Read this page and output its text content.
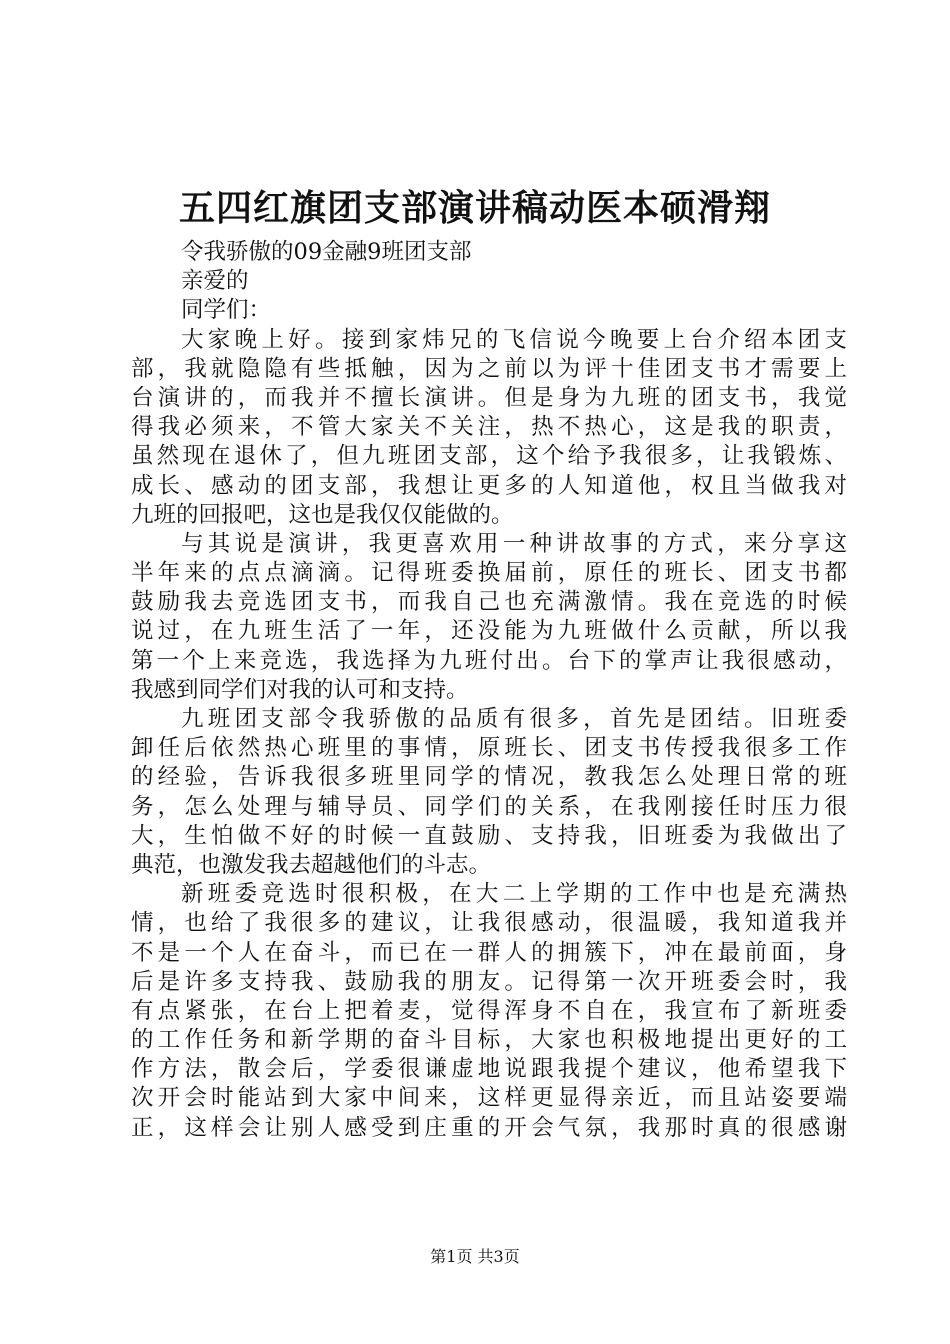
五四红旗团支部演讲稿动医本硕滑翔
令我骄傲的09金融9班团支部
亲爱的
同学们：
大家晚上好。接到家炜兄的飞信说今晚要上台介绍本团支
部，我就隐隐有些抵触，因为之前以为评十佳团支书才需要上
台演讲的，而我并不擅长演讲。但是身为九班的团支书，我觉
得我必须来，不管大家关不关注，热不热心，这是我的职责，
虽然现在退休了，但九班团支部，这个给予我很多，让我锻炼、
成长、感动的团支部，我想让更多的人知道他，权且当做我对
九班的回报吧，这也是我仅仅能做的。
与其说是演讲，我更喜欢用一种讲故事的方式，来分享这
半年来的点点滴滴。记得班委换届前，原任的班长、团支书都
鼓励我去竞选团支书，而我自己也充满激情。我在竞选的时候
说过，在九班生活了一年，还没能为九班做什么贡献，所以我
第一个上来竞选，我选择为九班付出。台下的掌声让我很感动，
我感到同学们对我的认可和支持。
九班团支部令我骄傲的品质有很多，首先是团结。旧班委
卸任后依然热心班里的事情，原班长、团支书传授我很多工作
的经验，告诉我很多班里同学的情况，教我怎么处理日常的班
务，怎么处理与辅导员、同学们的关系，在我刚接任时压力很
大，生怕做不好的时候一直鼓励、支持我，旧班委为我做出了
典范，也激发我去超越他们的斗志。
新班委竞选时很积极，在大二上学期的工作中也是充满热
情，也给了我很多的建议，让我很感动，很温暖，我知道我并
不是一个人在奋斗，而已在一群人的拥簇下，冲在最前面，身
后是许多支持我、鼓励我的朋友。记得第一次开班委会时，我
有点紧张，在台上把着麦，觉得浑身不自在，我宣布了新班委
的工作任务和新学期的奋斗目标，大家也积极地提出更好的工
作方法，散会后，学委很谦虚地说跟我提个建议，他希望我下
次开会时能站到大家中间来，这样更显得亲近，而且站姿要端
正，这样会让别人感受到庄重的开会气氛，我那时真的很感谢
第1页 共3页
